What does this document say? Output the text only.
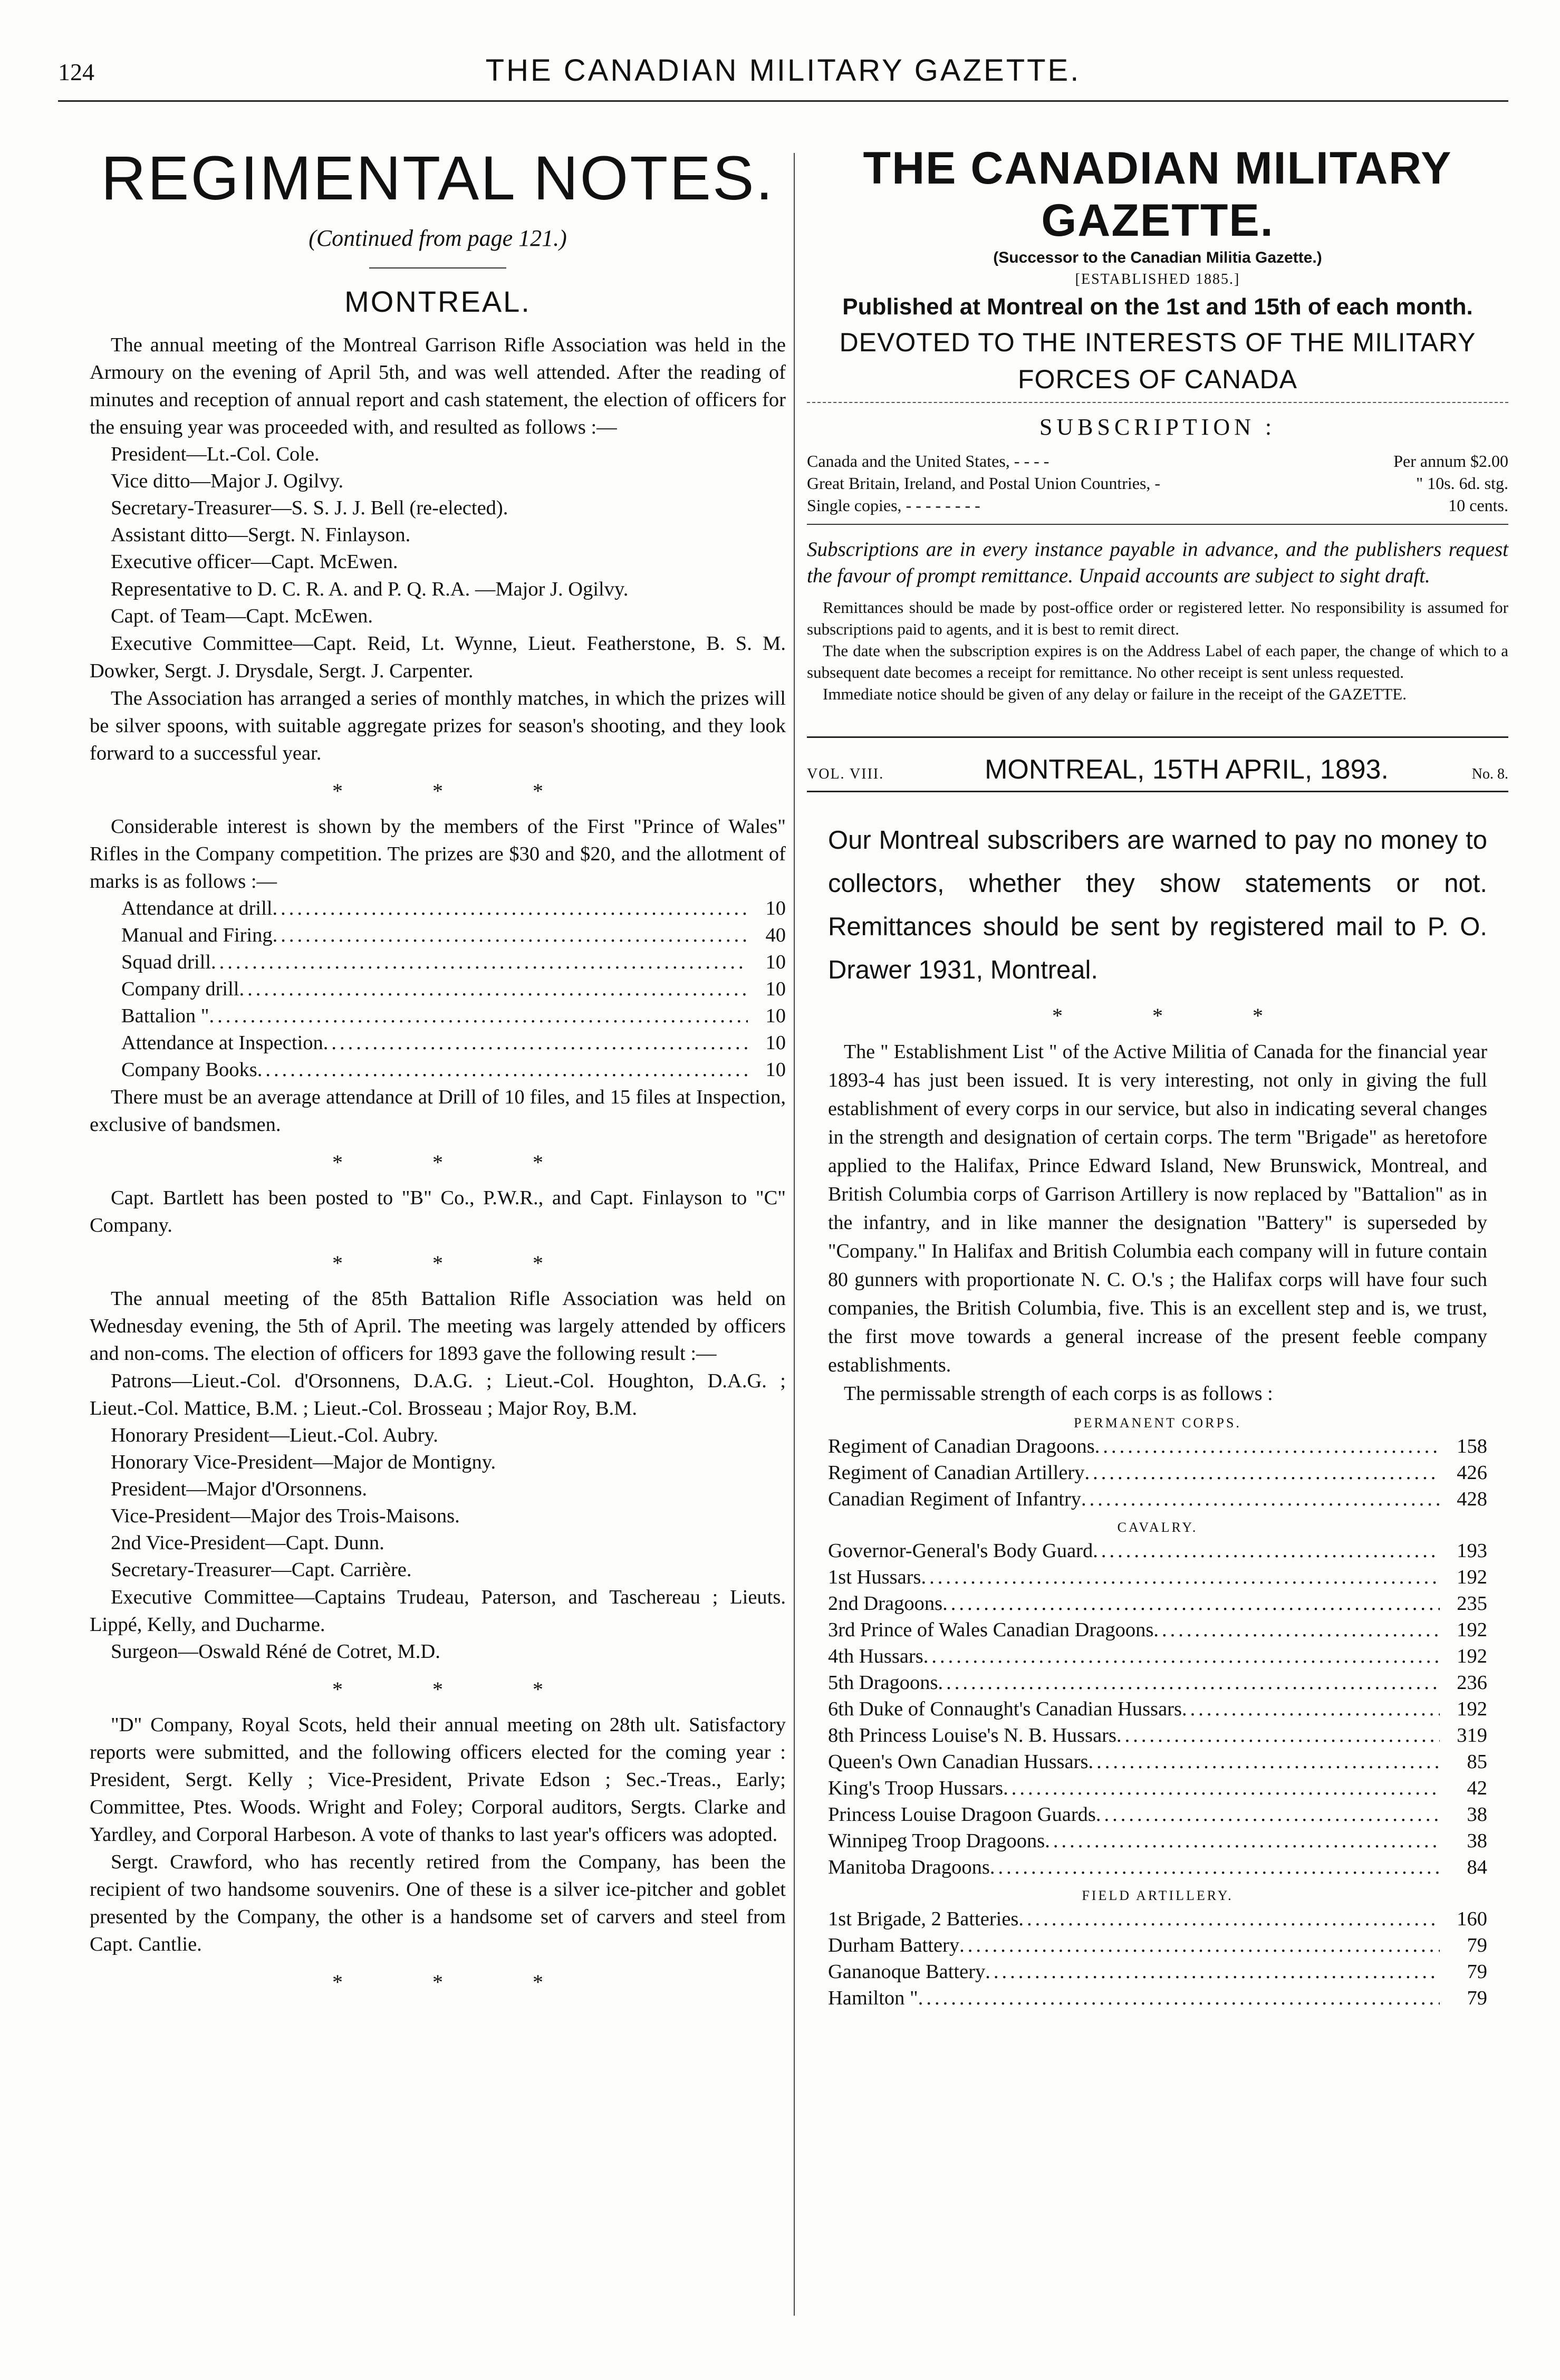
124	THE CANADIAN MILITARY GAZETTE.
REGIMENTAL NOTES.
(Continued from page 121.)
MONTREAL.

The annual meeting of the Montreal Garrison Rifle Association was held in the Armoury on the evening of April 5th, and was well attended. After the reading of minutes and reception of annual report and cash statement, the election of officers for the ensuing year was proceeded with, and resulted as follows :—

President—Lt.-Col. Cole.
Vice ditto—Major J. Ogilvy.
Secretary-Treasurer—S. S. J. J. Bell (re-elected).
Assistant ditto—Sergt. N. Finlayson.
Executive officer—Capt. McEwen.

Representative to D. C. R. A. and P. Q. R.A. —Major J. Ogilvy.

Capt. of Team—Capt. McEwen.

Executive Committee—Capt. Reid, Lt. Wynne, Lieut. Featherstone, B. S. M. Dowker, Sergt. J. Drysdale, Sergt. J. Carpenter.

The Association has arranged a series of monthly matches, in which the prizes will be silver spoons, with suitable aggregate prizes for season's shooting, and they look forward to a successful year.

* * *

Considerable interest is shown by the members of the First "Prince of Wales" Rifles in the Company competition. The prizes are $30 and $20, and the allotment of marks is as follows :—

Attendance at drill .....	10
Manual and Firing .....	40
Squad drill .....	10
Company drill .....	10
Battalion " .....	10
Attendance at Inspection .....	10
Company Books .....	10

There must be an average attendance at Drill of 10 files, and 15 files at Inspection, exclusive of bandsmen.

* * *

Capt. Bartlett has been posted to "B" Co., P.W.R., and Capt. Finlayson to "C" Company.

* * *

The annual meeting of the 85th Battalion Rifle Association was held on Wednesday evening, the 5th of April. The meeting was largely attended by officers and non-coms. The election of officers for 1893 gave the following result :—

Patrons—Lieut.-Col. d'Orsonnens, D.A.G. ; Lieut.-Col. Houghton, D.A.G. ; Lieut.-Col. Mattice, B.M. ; Lieut.-Col. Brosseau ; Major Roy, B.M.

Honorary President—Lieut.-Col. Aubry.
Honorary Vice-President—Major de Montigny.
President—Major d'Orsonnens.
Vice-President—Major des Trois-Maisons.
2nd Vice-President—Capt. Dunn.
Secretary-Treasurer—Capt. Carrière.

Executive Committee—Captains Trudeau, Paterson, and Taschereau ; Lieuts. Lippé, Kelly, and Ducharme.

Surgeon—Oswald Réné de Cotret, M.D.
* * *

"D" Company, Royal Scots, held their annual meeting on 28th ult. Satisfactory reports were submitted, and the following officers elected for the coming year : President, Sergt. Kelly ; Vice-President, Private Edson ; Sec.-Treas., Early; Committee, Ptes. Woods. Wright and Foley; Corporal auditors, Sergts. Clarke and Yardley, and Corporal Harbeson. A vote of thanks to last year's officers was adopted.

Sergt. Crawford, who has recently retired from the Company, has been the recipient of two handsome souvenirs. One of these is a silver ice-pitcher and goblet presented by the Company, the other is a handsome set of carvers and steel from Capt. Cantlie.

* * *
THE CANADIAN MILITARY GAZETTE.
(Successor to the Canadian Militia Gazette.)
[ESTABLISHED 1885.]
Published at Montreal on the 1st and 15th of each month.
DEVOTED TO THE INTERESTS OF THE MILITARY FORCES OF CANADA
SUBSCRIPTION :
Canada and the United States, - - - -	Per annum $2.00
Great Britain, Ireland, and Postal Union Countries, -	" 10s. 6d. stg.
Single copies, - - - - - - - -	10 cents.

Subscriptions are in every instance payable in advance, and the publishers request the favour of prompt remittance. Unpaid accounts are subject to sight draft.

Remittances should be made by post-office order or registered letter. No responsibility is assumed for subscriptions paid to agents, and it is best to remit direct.

The date when the subscription expires is on the Address Label of each paper, the change of which to a subsequent date becomes a receipt for remittance. No other receipt is sent unless requested.

Immediate notice should be given of any delay or failure in the receipt of the GAZETTE.

VOL. VIII.	MONTREAL, 15TH APRIL, 1893.	No. 8.

Our Montreal subscribers are warned to pay no money to collectors, whether they show statements or not. Remittances should be sent by registered mail to P. O. Drawer 1931, Montreal.

* * *

The " Establishment List " of the Active Militia of Canada for the financial year 1893-4 has just been issued. It is very interesting, not only in giving the full establishment of every corps in our service, but also in indicating several changes in the strength and designation of certain corps. The term "Brigade" as heretofore applied to the Halifax, Prince Edward Island, New Brunswick, Montreal, and British Columbia corps of Garrison Artillery is now replaced by "Battalion" as in the infantry, and in like manner the designation "Battery" is superseded by "Company." In Halifax and British Columbia each company will in future contain 80 gunners with proportionate N. C. O.'s ; the Halifax corps will have four such companies, the British Columbia, five. This is an excellent step and is, we trust, the first move towards a general increase of the present feeble company establishments.

The permissable strength of each corps is as follows :

PERMANENT CORPS.
Regiment of Canadian Dragoons .....	158
Regiment of Canadian Artillery .....	426
Canadian Regiment of Infantry .....	428
CAVALRY.
Governor-General's Body Guard .....	193
1st Hussars .....	192
2nd Dragoons .....	235
3rd Prince of Wales Canadian Dragoons .....	192
4th Hussars .....	192
5th Dragoons .....	236
6th Duke of Connaught's Canadian Hussars .....	192
8th Princess Louise's N. B. Hussars .....	319
Queen's Own Canadian Hussars .....	85
King's Troop Hussars .....	42
Princess Louise Dragoon Guards .....	38
Winnipeg Troop Dragoons .....	38
Manitoba Dragoons .....	84
FIELD ARTILLERY.
1st Brigade, 2 Batteries .....	160
Durham Battery .....	79
Gananoque Battery .....	79
Hamilton " .....	79
